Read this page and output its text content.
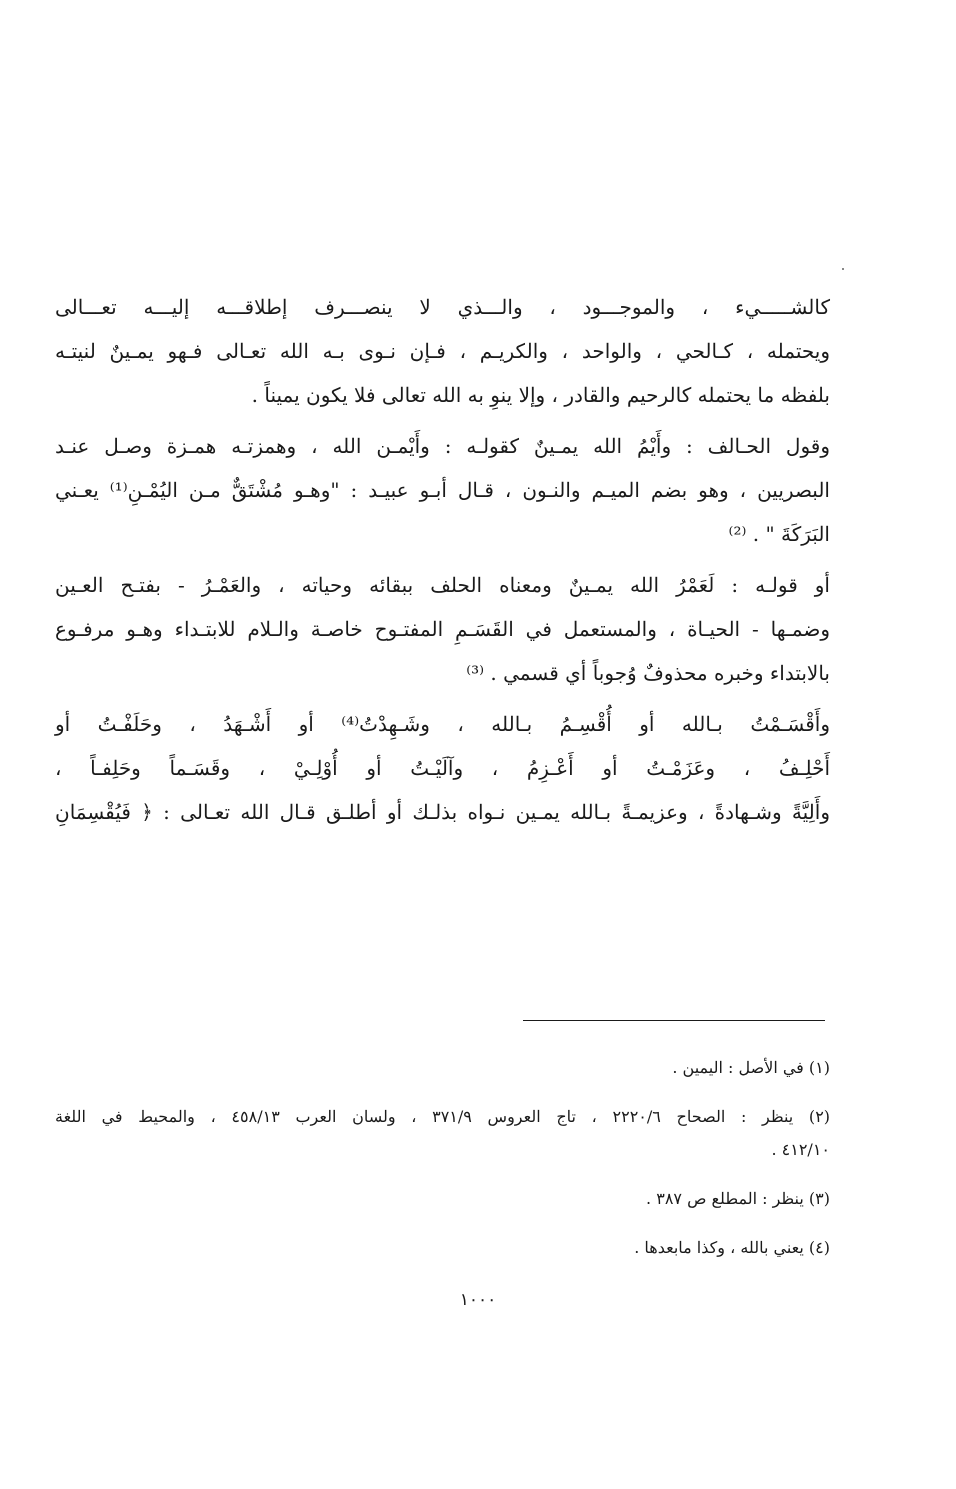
كالشـــــيء ، والموجـــود ، والـــذي لا ينصـــرف إطلاقـــه إليـــه تعـــالى
ويحتمله ، كـالحي ، والواحد ، والكريـم ، فـإن نـوى بـه الله تعـالى فـهو يمـينٌ لنيتـه
بلفظه ما يحتمله كالرحيم والقادر ، وإلا ينوِ به الله تعالى فلا يكون يميناً .

وقول الحـالف : وأَيْمُ الله يمـينٌ كقولـه : وأَيْمـن الله ، وهمزتـه همـزة وصـل عنـد
البصريين ، وهو بضم الميـم والنـون ، قـال أبـو عبيـد : "وهـو مُشْتَقٌّ مـن اليُمْـنِ⁽¹⁾ يعـني
البَرَكَةَ " . ⁽²⁾

أو قولـه : لَعَمْرُ الله يمـينٌ ومعناه الحلف ببقائه وحياته ، والعَمْـرُ - بفتـح العـين
وضمـها - الحيـاة ، والمستعمل في القَسَـمِ المفتـوح خاصـة والـلام للابتـداء وهـو مرفـوع
بالابتداء وخبره محذوفٌ وُجوباً أي قسمي . ⁽³⁾

وأَقْسَـمْتُ بـالله أو أُقْسِـمُ بـالله ، وشَـهِدْتُ⁽⁴⁾ أو أَشْـهَدُ ، وحَلَفْـتُ أو
أَحْلِـفُ ، وعَزَمْـتُ أو أَعْـزِمُ ، وآلَيْـتُ أو أُوْلِـيْ ، وقَسَـماً وحَلِفـاً ،
وأَلِيَّةً وشـهادةً ، وعزيمـةً بـالله يمـين نـواه بذلـك أو أطلـق قـال الله تعـالى : ﴿ فَيُقْسِمَانِ

(١) في الأصل : اليمين .
(٢) ينظر : الصحاح ٢٢٢٠/٦ ، تاج العروس ٣٧١/٩ ، ولسان العرب ٤٥٨/١٣ ، والمحيط في اللغة
٤١٢/١٠ .
(٣) ينظر : المطلع ص ٣٨٧ .
(٤) يعني بالله ، وكذا مابعدها .
١٠٠٠
